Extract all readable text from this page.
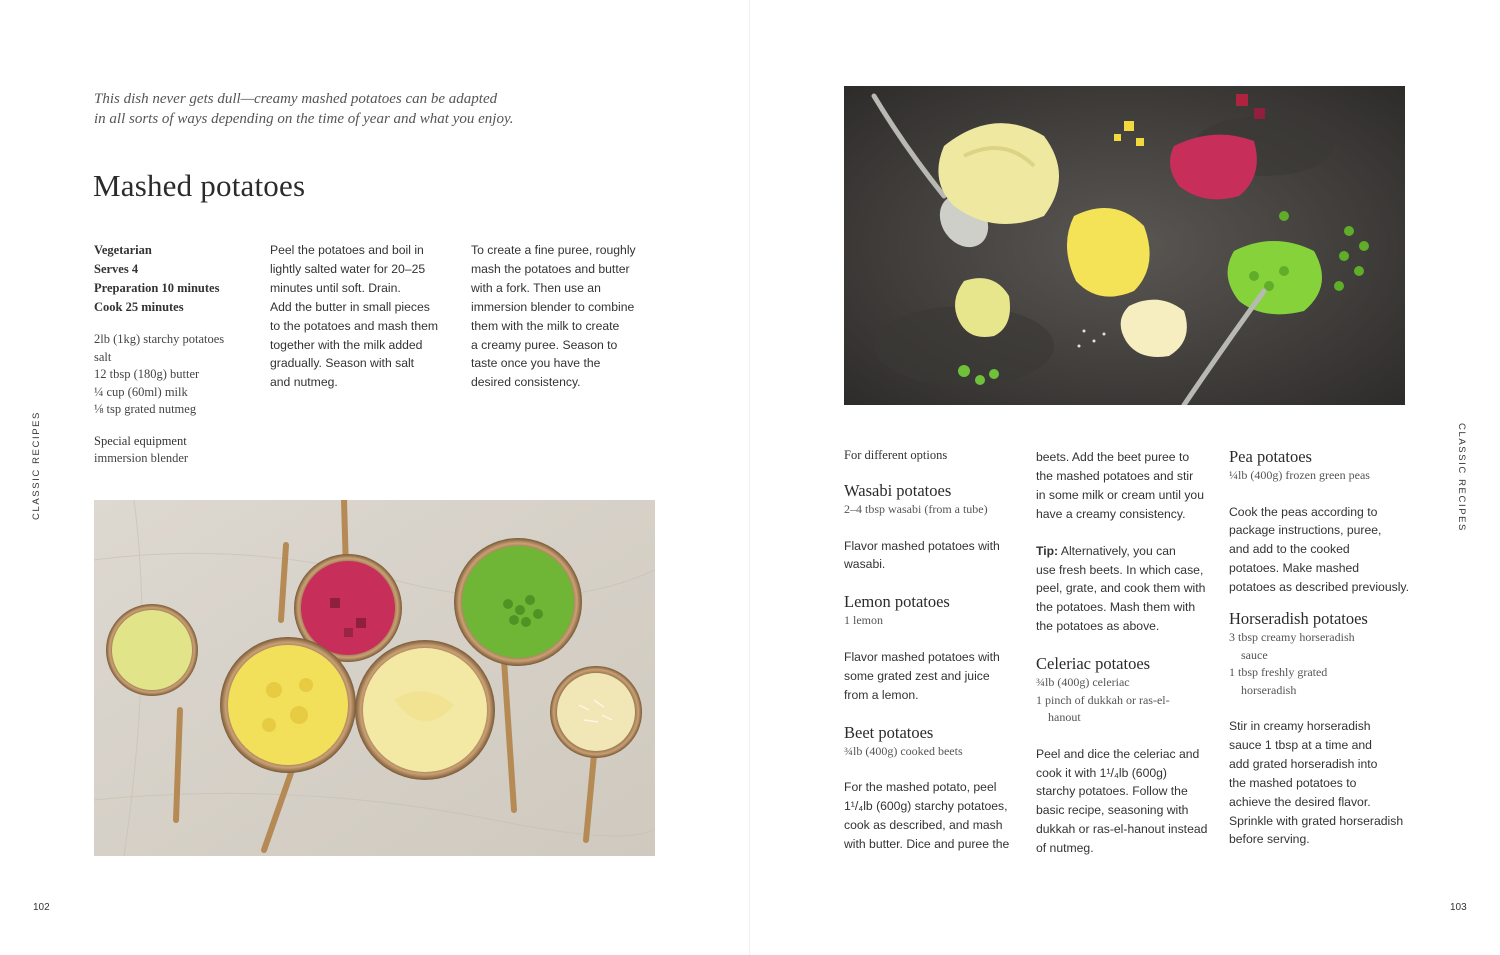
This dish never gets dull—creamy mashed potatoes can be adapted
in all sorts of ways depending on the time of year and what you enjoy.
Mashed potatoes
Vegetarian
Serves 4
Preparation 10 minutes
Cook 25 minutes
2lb (1kg) starchy potatoes
salt
12 tbsp (180g) butter
¼ cup (60ml) milk
⅛ tsp grated nutmeg
Special equipment
immersion blender
Peel the potatoes and boil in
lightly salted water for 20–25
minutes until soft. Drain.
Add the butter in small pieces
to the potatoes and mash them
together with the milk added
gradually. Season with salt
and nutmeg.
To create a fine puree, roughly
mash the potatoes and butter
with a fork. Then use an
immersion blender to combine
them with the milk to create
a creamy puree. Season to
taste once you have the
desired consistency.
CLASSIC RECIPES
102
For different options
Wasabi potatoes
2–4 tbsp wasabi (from a tube)
Flavor mashed potatoes with
wasabi.
Lemon potatoes
1 lemon
Flavor mashed potatoes with
some grated zest and juice
from a lemon.
Beet potatoes
¾lb (400g) cooked beets
For the mashed potato, peel
1¹/₄lb (600g) starchy potatoes,
cook as described, and mash
with butter. Dice and puree the
beets. Add the beet puree to
the mashed potatoes and stir
in some milk or cream until you
have a creamy consistency.
Tip: Alternatively, you can
use fresh beets. In which case,
peel, grate, and cook them with
the potatoes. Mash them with
the potatoes as above.
Celeriac potatoes
¾lb (400g) celeriac
1 pinch of dukkah or ras-el-
hanout
Peel and dice the celeriac and
cook it with 1¹/₄lb (600g)
starchy potatoes. Follow the
basic recipe, seasoning with
dukkah or ras-el-hanout instead
of nutmeg.
Pea potatoes
¼lb (400g) frozen green peas
Cook the peas according to
package instructions, puree,
and add to the cooked
potatoes. Make mashed
potatoes as described previously.
Horseradish potatoes
3 tbsp creamy horseradish
sauce
1 tbsp freshly grated
horseradish
Stir in creamy horseradish
sauce 1 tbsp at a time and
add grated horseradish into
the mashed potatoes to
achieve the desired flavor.
Sprinkle with grated horseradish
before serving.
CLASSIC RECIPES
103
